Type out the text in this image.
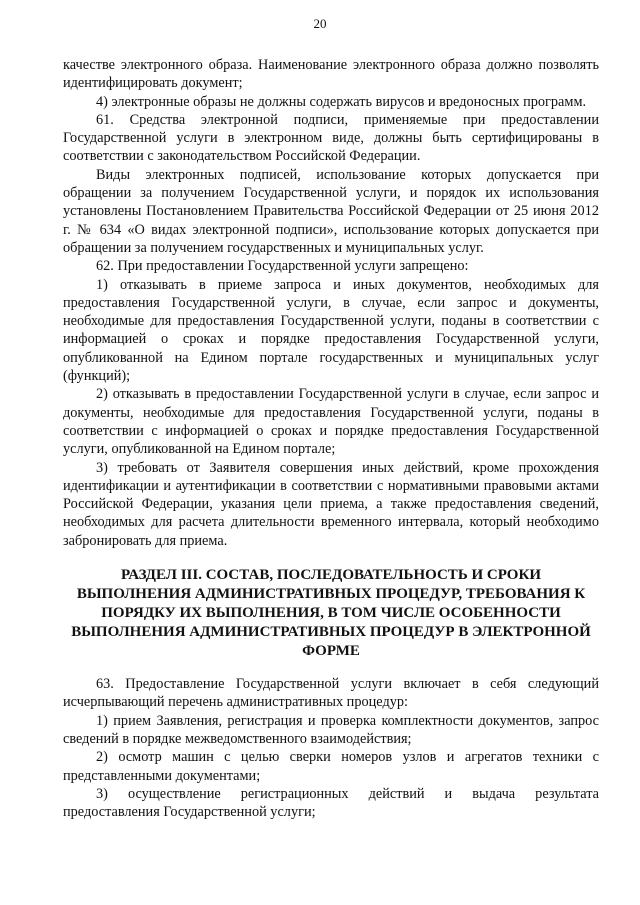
20

качестве электронного образа. Наименование электронного образа должно позволять идентифицировать документ;

4) электронные образы не должны содержать вирусов и вредоносных программ.

61. Средства электронной подписи, применяемые при предоставлении Государственной услуги в электронном виде, должны быть сертифицированы в соответствии с законодательством Российской Федерации.

Виды электронных подписей, использование которых допускается при обращении за получением Государственной услуги, и порядок их использования установлены Постановлением Правительства Российской Федерации от 25 июня 2012 г. № 634 «О видах электронной подписи», использование которых допускается при обращении за получением государственных и муниципальных услуг.

62. При предоставлении Государственной услуги запрещено:

1) отказывать в приеме запроса и иных документов, необходимых для предоставления Государственной услуги, в случае, если запрос и документы, необходимые для предоставления Государственной услуги, поданы в соответствии с информацией о сроках и порядке предоставления Государственной услуги, опубликованной на Едином портале государственных и муниципальных услуг (функций);

2) отказывать в предоставлении Государственной услуги в случае, если запрос и документы, необходимые для предоставления Государственной услуги, поданы в соответствии с информацией о сроках и порядке предоставления Государственной услуги, опубликованной на Едином портале;

3) требовать от Заявителя совершения иных действий, кроме прохождения идентификации и аутентификации в соответствии с нормативными правовыми актами Российской Федерации, указания цели приема, а также предоставления сведений, необходимых для расчета длительности временного интервала, который необходимо забронировать для приема.

РАЗДЕЛ III. СОСТАВ, ПОСЛЕДОВАТЕЛЬНОСТЬ И СРОКИ ВЫПОЛНЕНИЯ АДМИНИСТРАТИВНЫХ ПРОЦЕДУР, ТРЕБОВАНИЯ К ПОРЯДКУ ИХ ВЫПОЛНЕНИЯ, В ТОМ ЧИСЛЕ ОСОБЕННОСТИ ВЫПОЛНЕНИЯ АДМИНИСТРАТИВНЫХ ПРОЦЕДУР В ЭЛЕКТРОННОЙ ФОРМЕ

63. Предоставление Государственной услуги включает в себя следующий исчерпывающий перечень административных процедур:

1) прием Заявления, регистрация и проверка комплектности документов, запрос сведений в порядке межведомственного взаимодействия;

2) осмотр машин с целью сверки номеров узлов и агрегатов техники с представленными документами;

3) осуществление регистрационных действий и выдача результата предоставления Государственной услуги;
